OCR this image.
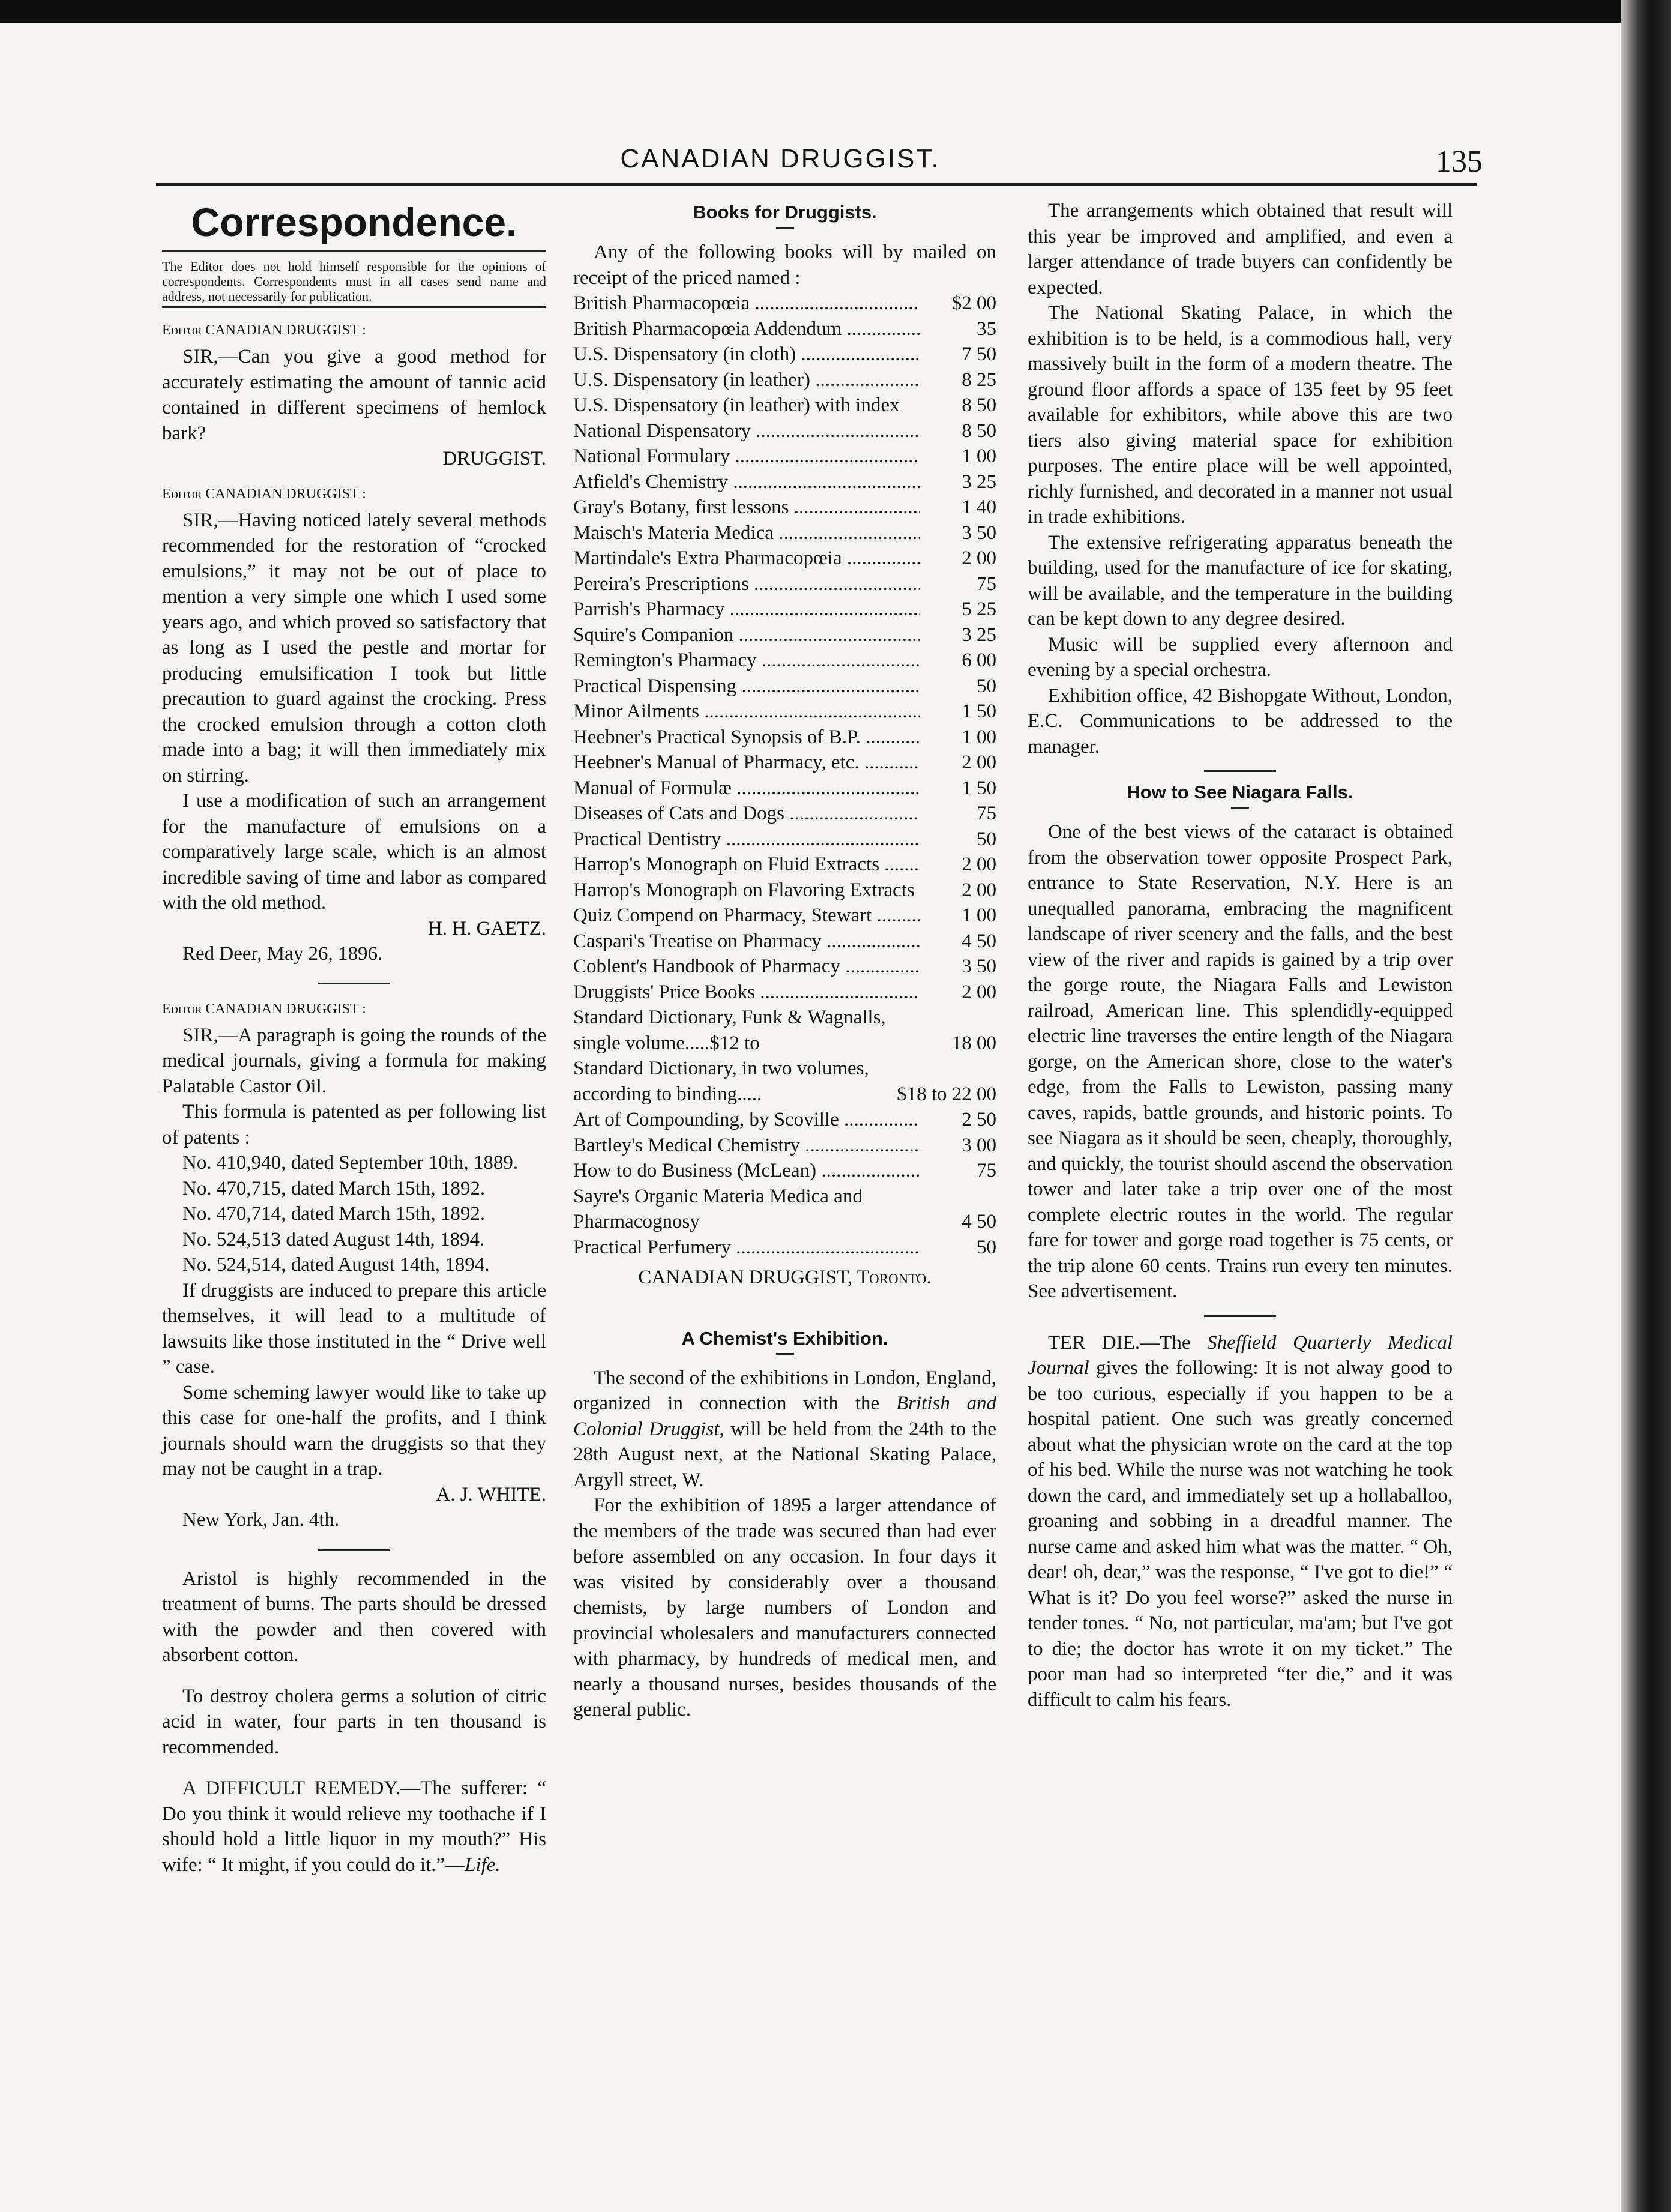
CANADIAN DRUGGIST.	135
Correspondence.

The Editor does not hold himself responsible for the opinions of correspondents. Correspondents must in all cases send name and address, not necessarily for publication.

Editor CANADIAN DRUGGIST :

SIR,—Can you give a good method for accurately estimating the amount of tannic acid contained in different specimens of hemlock bark?

DRUGGIST.

Editor CANADIAN DRUGGIST :

SIR,—Having noticed lately several methods recommended for the restoration of “crocked emulsions,” it may not be out of place to mention a very simple one which I used some years ago, and which proved so satisfactory that as long as I used the pestle and mortar for producing emulsification I took but little precaution to guard against the crocking. Press the crocked emulsion through a cotton cloth made into a bag; it will then immediately mix on stirring.

I use a modification of such an arrangement for the manufacture of emulsions on a comparatively large scale, which is an almost incredible saving of time and labor as compared with the old method.

H. H. GAETZ.

Red Deer, May 26, 1896.

Editor CANADIAN DRUGGIST :

SIR,—A paragraph is going the rounds of the medical journals, giving a formula for making Palatable Castor Oil.

This formula is patented as per following list of patents :

No. 410,940, dated September 10th, 1889.

No. 470,715, dated March 15th, 1892.

No. 470,714, dated March 15th, 1892.

No. 524,513 dated August 14th, 1894.

No. 524,514, dated August 14th, 1894.

If druggists are induced to prepare this article themselves, it will lead to a multitude of lawsuits like those instituted in the “ Drive well ” case.

Some scheming lawyer would like to take up this case for one-half the profits, and I think journals should warn the druggists so that they may not be caught in a trap.

A. J. WHITE.

New York, Jan. 4th.

Aristol is highly recommended in the treatment of burns. The parts should be dressed with the powder and then covered with absorbent cotton.

To destroy cholera germs a solution of citric acid in water, four parts in ten thousand is recommended.

A DIFFICULT REMEDY.—The sufferer: “ Do you think it would relieve my toothache if I should hold a little liquor in my mouth?” His wife: “ It might, if you could do it.”—Life.

Books for Druggists.

Any of the following books will by mailed on receipt of the priced named :

British Pharmacopœia .....	$2 00
British Pharmacopœia Addendum .....	35
U.S. Dispensatory (in cloth) .....	7 50
U.S. Dispensatory (in leather) .....	8 25
U.S. Dispensatory (in leather) with index	8 50
National Dispensatory .....	8 50
National Formulary .....	1 00
Atfield's Chemistry .....	3 25
Gray's Botany, first lessons .....	1 40
Maisch's Materia Medica .....	3 50
Martindale's Extra Pharmacopœia .....	2 00
Pereira's Prescriptions .....	75
Parrish's Pharmacy .....	5 25
Squire's Companion .....	3 25
Remington's Pharmacy .....	6 00
Practical Dispensing .....	50
Minor Ailments .....	1 50
Heebner's Practical Synopsis of B.P. .....	1 00
Heebner's Manual of Pharmacy, etc. .....	2 00
Manual of Formulæ .....	1 50
Diseases of Cats and Dogs .....	75
Practical Dentistry .....	50
Harrop's Monograph on Fluid Extracts .....	2 00
Harrop's Monograph on Flavoring Extracts	2 00
Quiz Compend on Pharmacy, Stewart .....	1 00
Caspari's Treatise on Pharmacy .....	4 50
Coblent's Handbook of Pharmacy .....	3 50
Druggists' Price Books .....	2 00
Standard Dictionary, Funk & Wagnalls, single volume.....$12 to	18 00
Standard Dictionary, in two volumes, according to binding.....	$18 to 22 00
Art of Compounding, by Scoville .....	2 50
Bartley's Medical Chemistry .....	3 00
How to do Business (McLean) .....	75
Sayre's Organic Materia Medica and Pharmacognosy	4 50
Practical Perfumery .....	50

CANADIAN DRUGGIST, Toronto.

A Chemist's Exhibition.

The second of the exhibitions in London, England, organized in connection with the British and Colonial Druggist, will be held from the 24th to the 28th August next, at the National Skating Palace, Argyll street, W.

For the exhibition of 1895 a larger attendance of the members of the trade was secured than had ever before assembled on any occasion. In four days it was visited by considerably over a thousand chemists, by large numbers of London and provincial wholesalers and manufacturers connected with pharmacy, by hundreds of medical men, and nearly a thousand nurses, besides thousands of the general public.

The arrangements which obtained that result will this year be improved and amplified, and even a larger attendance of trade buyers can confidently be expected.

The National Skating Palace, in which the exhibition is to be held, is a commodious hall, very massively built in the form of a modern theatre. The ground floor affords a space of 135 feet by 95 feet available for exhibitors, while above this are two tiers also giving material space for exhibition purposes. The entire place will be well appointed, richly furnished, and decorated in a manner not usual in trade exhibitions.

The extensive refrigerating apparatus beneath the building, used for the manufacture of ice for skating, will be available, and the temperature in the building can be kept down to any degree desired.

Music will be supplied every afternoon and evening by a special orchestra.

Exhibition office, 42 Bishopgate Without, London, E.C. Communications to be addressed to the manager.

How to See Niagara Falls.

One of the best views of the cataract is obtained from the observation tower opposite Prospect Park, entrance to State Reservation, N.Y. Here is an unequalled panorama, embracing the magnificent landscape of river scenery and the falls, and the best view of the river and rapids is gained by a trip over the gorge route, the Niagara Falls and Lewiston railroad, American line. This splendidly-equipped electric line traverses the entire length of the Niagara gorge, on the American shore, close to the water's edge, from the Falls to Lewiston, passing many caves, rapids, battle grounds, and historic points. To see Niagara as it should be seen, cheaply, thoroughly, and quickly, the tourist should ascend the observation tower and later take a trip over one of the most complete electric routes in the world. The regular fare for tower and gorge road together is 75 cents, or the trip alone 60 cents. Trains run every ten minutes. See advertisement.

TER DIE.—The Sheffield Quarterly Medical Journal gives the following: It is not alway good to be too curious, especially if you happen to be a hospital patient. One such was greatly concerned about what the physician wrote on the card at the top of his bed. While the nurse was not watching he took down the card, and immediately set up a hollaballoo, groaning and sobbing in a dreadful manner. The nurse came and asked him what was the matter. “ Oh, dear! oh, dear,” was the response, “ I've got to die!” “ What is it? Do you feel worse?” asked the nurse in tender tones. “ No, not particular, ma'am; but I've got to die; the doctor has wrote it on my ticket.” The poor man had so interpreted “ter die,” and it was difficult to calm his fears.
